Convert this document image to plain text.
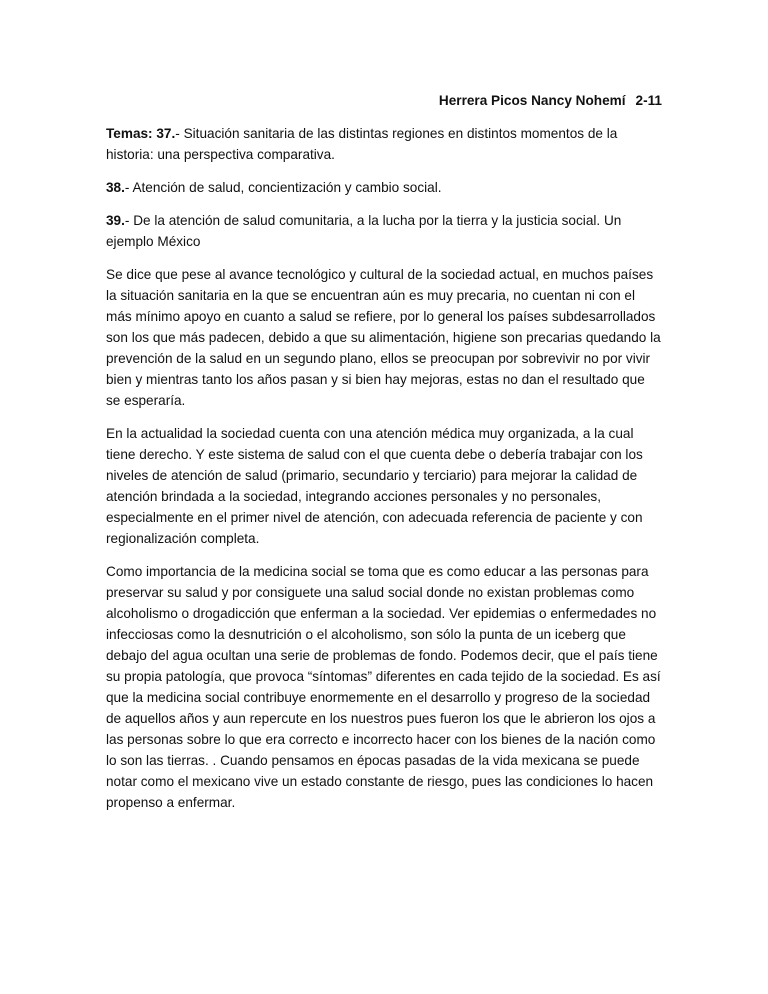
Herrera Picos Nancy Nohemí 2-11

Temas: 37.- Situación sanitaria de las distintas regiones en distintos momentos de la historia: una perspectiva comparativa.

38.- Atención de salud, concientización y cambio social.

39.- De la atención de salud comunitaria, a la lucha por la tierra y la justicia social. Un ejemplo México

Se dice que pese al avance tecnológico y cultural de la sociedad actual, en muchos países la situación sanitaria en la que se encuentran aún es muy precaria, no cuentan ni con el más mínimo apoyo en cuanto a salud se refiere, por lo general los países subdesarrollados son los que más padecen, debido a que su alimentación, higiene son precarias quedando la prevención de la salud en un segundo plano, ellos se preocupan por sobrevivir no por vivir bien y mientras tanto los años pasan y si bien hay mejoras, estas no dan el resultado que se esperaría.

En la actualidad la sociedad cuenta con una atención médica muy organizada, a la cual tiene derecho. Y este sistema de salud con el que cuenta debe o debería trabajar con los niveles de atención de salud (primario, secundario y terciario) para mejorar la calidad de atención brindada a la sociedad, integrando acciones personales y no personales, especialmente en el primer nivel de atención, con adecuada referencia de paciente y con regionalización completa.

Como importancia de la medicina social se toma que es como educar a las personas para preservar su salud y por consiguete una salud social donde no existan problemas como alcoholismo o drogadicción que enferman a la sociedad. Ver epidemias o enfermedades no infecciosas como la desnutrición o el alcoholismo, son sólo la punta de un iceberg que debajo del agua ocultan una serie de problemas de fondo. Podemos decir, que el país tiene su propia patología, que provoca “síntomas” diferentes en cada tejido de la sociedad. Es así que la medicina social contribuye enormemente en el desarrollo y progreso de la sociedad de aquellos años y aun repercute en los nuestros pues fueron los que le abrieron los ojos a las personas sobre lo que era correcto e incorrecto hacer con los bienes de la nación como lo son las tierras. . Cuando pensamos en épocas pasadas de la vida mexicana se puede notar como el mexicano vive un estado constante de riesgo, pues las condiciones lo hacen propenso a enfermar.
